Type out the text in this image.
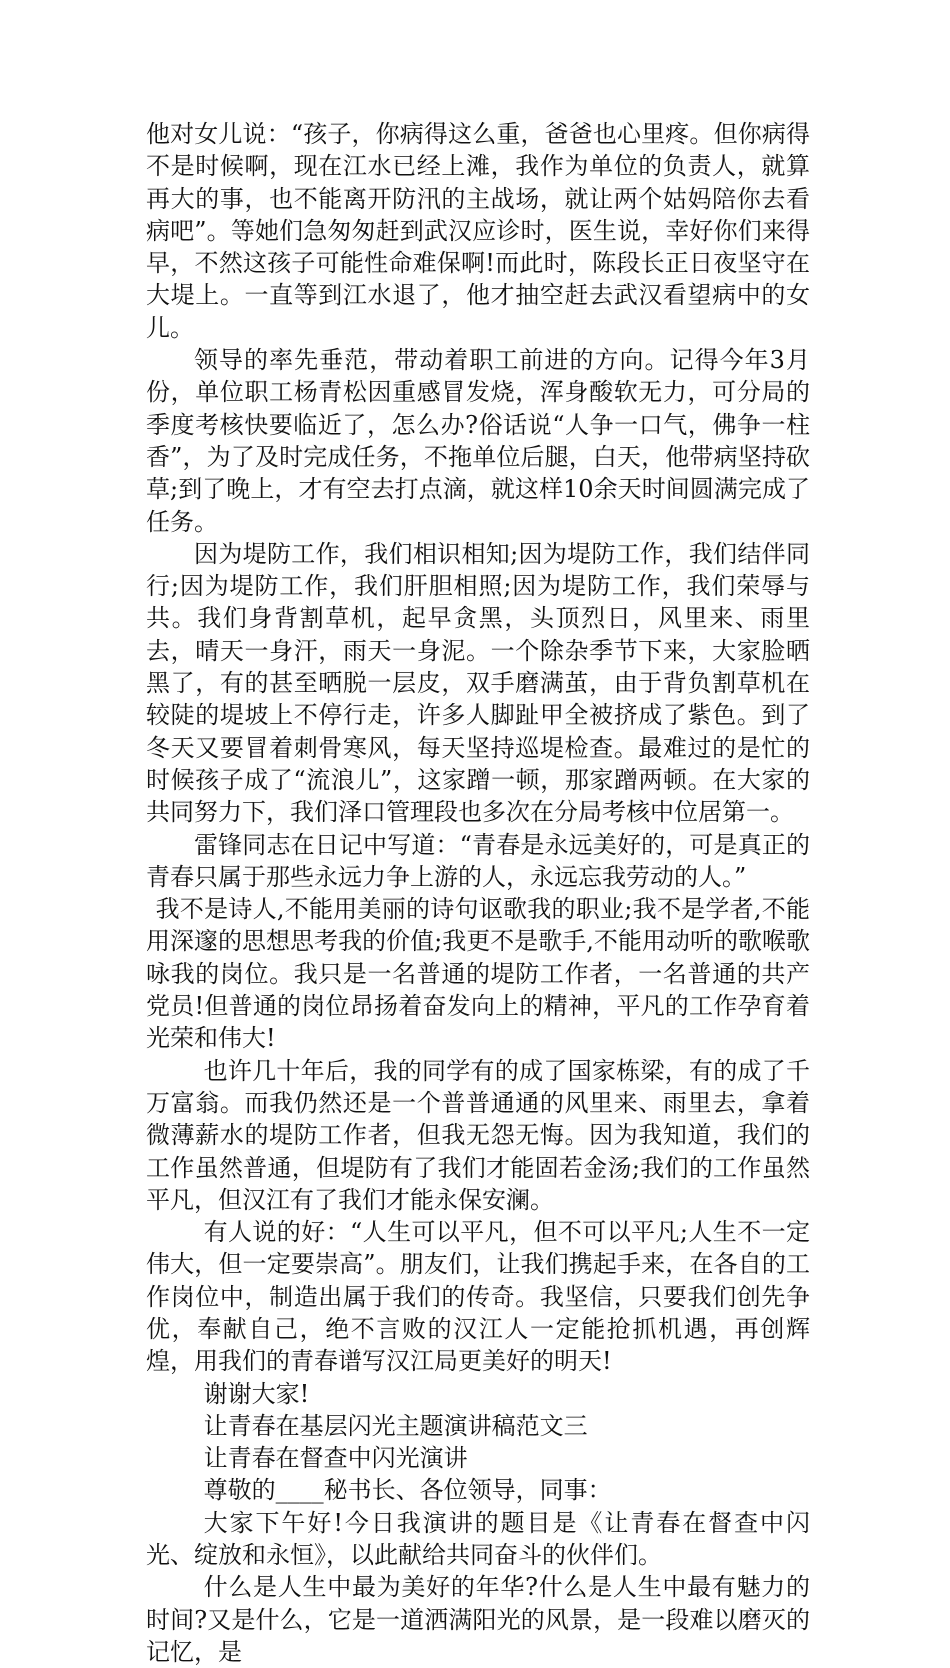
他对女儿说：“孩子，你病得这么重，爸爸也心里疼。但你病得不是时候啊，现在江水已经上滩，我作为单位的负责人，就算再大的事，也不能离开防汛的主战场，就让两个姑妈陪你去看病吧”。等她们急匆匆赶到武汉应诊时，医生说，幸好你们来得早，不然这孩子可能性命难保啊!而此时，陈段长正日夜坚守在大堤上。一直等到江水退了，他才抽空赶去武汉看望病中的女儿。

领导的率先垂范，带动着职工前进的方向。记得今年3月份，单位职工杨青松因重感冒发烧，浑身酸软无力，可分局的季度考核快要临近了，怎么办?俗话说“人争一口气，佛争一柱香”，为了及时完成任务，不拖单位后腿，白天，他带病坚持砍草;到了晚上，才有空去打点滴，就这样10余天时间圆满完成了任务。

因为堤防工作，我们相识相知;因为堤防工作，我们结伴同行;因为堤防工作，我们肝胆相照;因为堤防工作，我们荣辱与共。我们身背割草机，起早贪黑，头顶烈日，风里来、雨里去，晴天一身汗，雨天一身泥。一个除杂季节下来，大家脸晒黑了，有的甚至晒脱一层皮，双手磨满茧，由于背负割草机在较陡的堤坡上不停行走，许多人脚趾甲全被挤成了紫色。到了冬天又要冒着刺骨寒风，每天坚持巡堤检查。最难过的是忙的时候孩子成了“流浪儿”，这家蹭一顿，那家蹭两顿。在大家的共同努力下，我们泽口管理段也多次在分局考核中位居第一。

雷锋同志在日记中写道：“青春是永远美好的，可是真正的青春只属于那些永远力争上游的人，永远忘我劳动的人。”

我不是诗人,不能用美丽的诗句讴歌我的职业;我不是学者,不能用深邃的思想思考我的价值;我更不是歌手,不能用动听的歌喉歌咏我的岗位。我只是一名普通的堤防工作者，一名普通的共产党员!但普通的岗位昂扬着奋发向上的精神，平凡的工作孕育着光荣和伟大!

也许几十年后，我的同学有的成了国家栋梁，有的成了千万富翁。而我仍然还是一个普普通通的风里来、雨里去，拿着微薄薪水的堤防工作者，但我无怨无悔。因为我知道，我们的工作虽然普通，但堤防有了我们才能固若金汤;我们的工作虽然平凡，但汉江有了我们才能永保安澜。

有人说的好：“人生可以平凡，但不可以平凡;人生不一定伟大，但一定要崇高”。朋友们，让我们携起手来，在各自的工作岗位中，制造出属于我们的传奇。我坚信，只要我们创先争优，奉献自己，绝不言败的汉江人一定能抢抓机遇，再创辉煌，用我们的青春谱写汉江局更美好的明天!

谢谢大家!

让青春在基层闪光主题演讲稿范文三

让青春在督查中闪光演讲

尊敬的____秘书长、各位领导，同事：

大家下午好!今日我演讲的题目是《让青春在督查中闪光、绽放和永恒》，以此献给共同奋斗的伙伴们。

什么是人生中最为美好的年华?什么是人生中最有魅力的时间?又是什么，它是一道洒满阳光的风景，是一段难以磨灭的记忆，是
